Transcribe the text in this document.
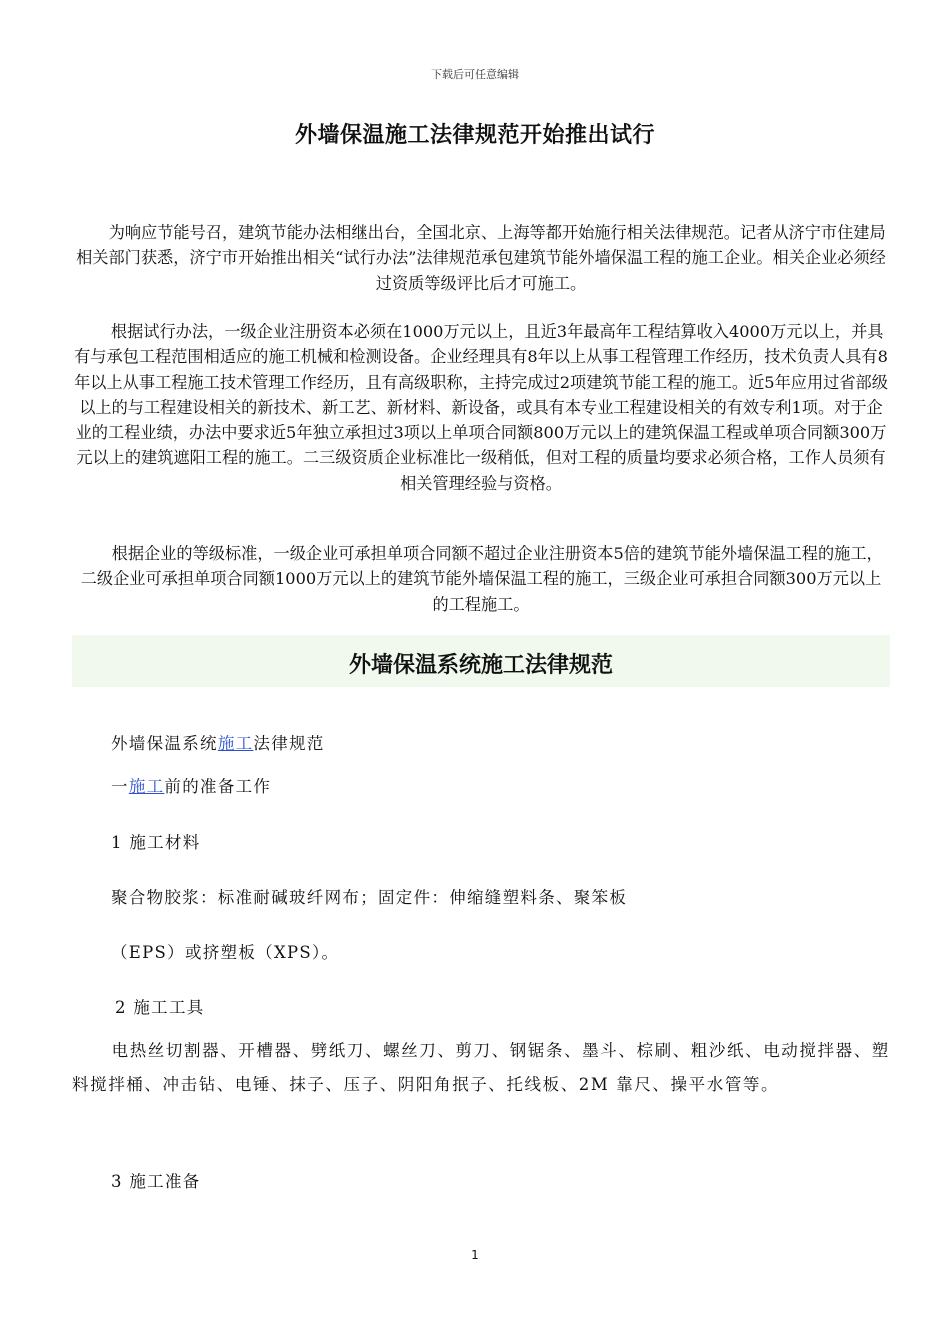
下载后可任意编辑
外墙保温施工法律规范开始推出试行

为响应节能号召，建筑节能办法相继出台，全国北京、上海等都开始施行相关法律规范。记者从济宁市住建局相关部门获悉，济宁市开始推出相关“试行办法”法律规范承包建筑节能外墙保温工程的施工企业。相关企业必须经过资质等级评比后才可施工。

根据试行办法，一级企业注册资本必须在1000万元以上，且近3年最高年工程结算收入4000万元以上，并具有与承包工程范围相适应的施工机械和检测设备。企业经理具有8年以上从事工程管理工作经历，技术负责人具有8年以上从事工程施工技术管理工作经历，且有高级职称，主持完成过2项建筑节能工程的施工。近5年应用过省部级以上的与工程建设相关的新技术、新工艺、新材料、新设备，或具有本专业工程建设相关的有效专利1项。对于企业的工程业绩，办法中要求近5年独立承担过3项以上单项合同额800万元以上的建筑保温工程或单项合同额300万元以上的建筑遮阳工程的施工。二三级资质企业标准比一级稍低，但对工程的质量均要求必须合格，工作人员须有相关管理经验与资格。

根据企业的等级标准，一级企业可承担单项合同额不超过企业注册资本5倍的建筑节能外墙保温工程的施工，二级企业可承担单项合同额1000万元以上的建筑节能外墙保温工程的施工，三级企业可承担合同额300万元以上的工程施工。

外墙保温系统施工法律规范
外墙保温系统施工法律规范
一施工前的准备工作
1 施工材料
聚合物胶浆：标准耐碱玻纤网布；固定件：伸缩缝塑料条、聚笨板
（EPS）或挤塑板（XPS）。
2 施工工具
电热丝切割器、开槽器、劈纸刀、螺丝刀、剪刀、钢锯条、墨斗、棕刷、粗沙纸、电动搅拌器、塑料搅拌桶、冲击钻、电锤、抹子、压子、阴阳角抿子、托线板、2M 靠尺、操平水管等。
3 施工准备
1
